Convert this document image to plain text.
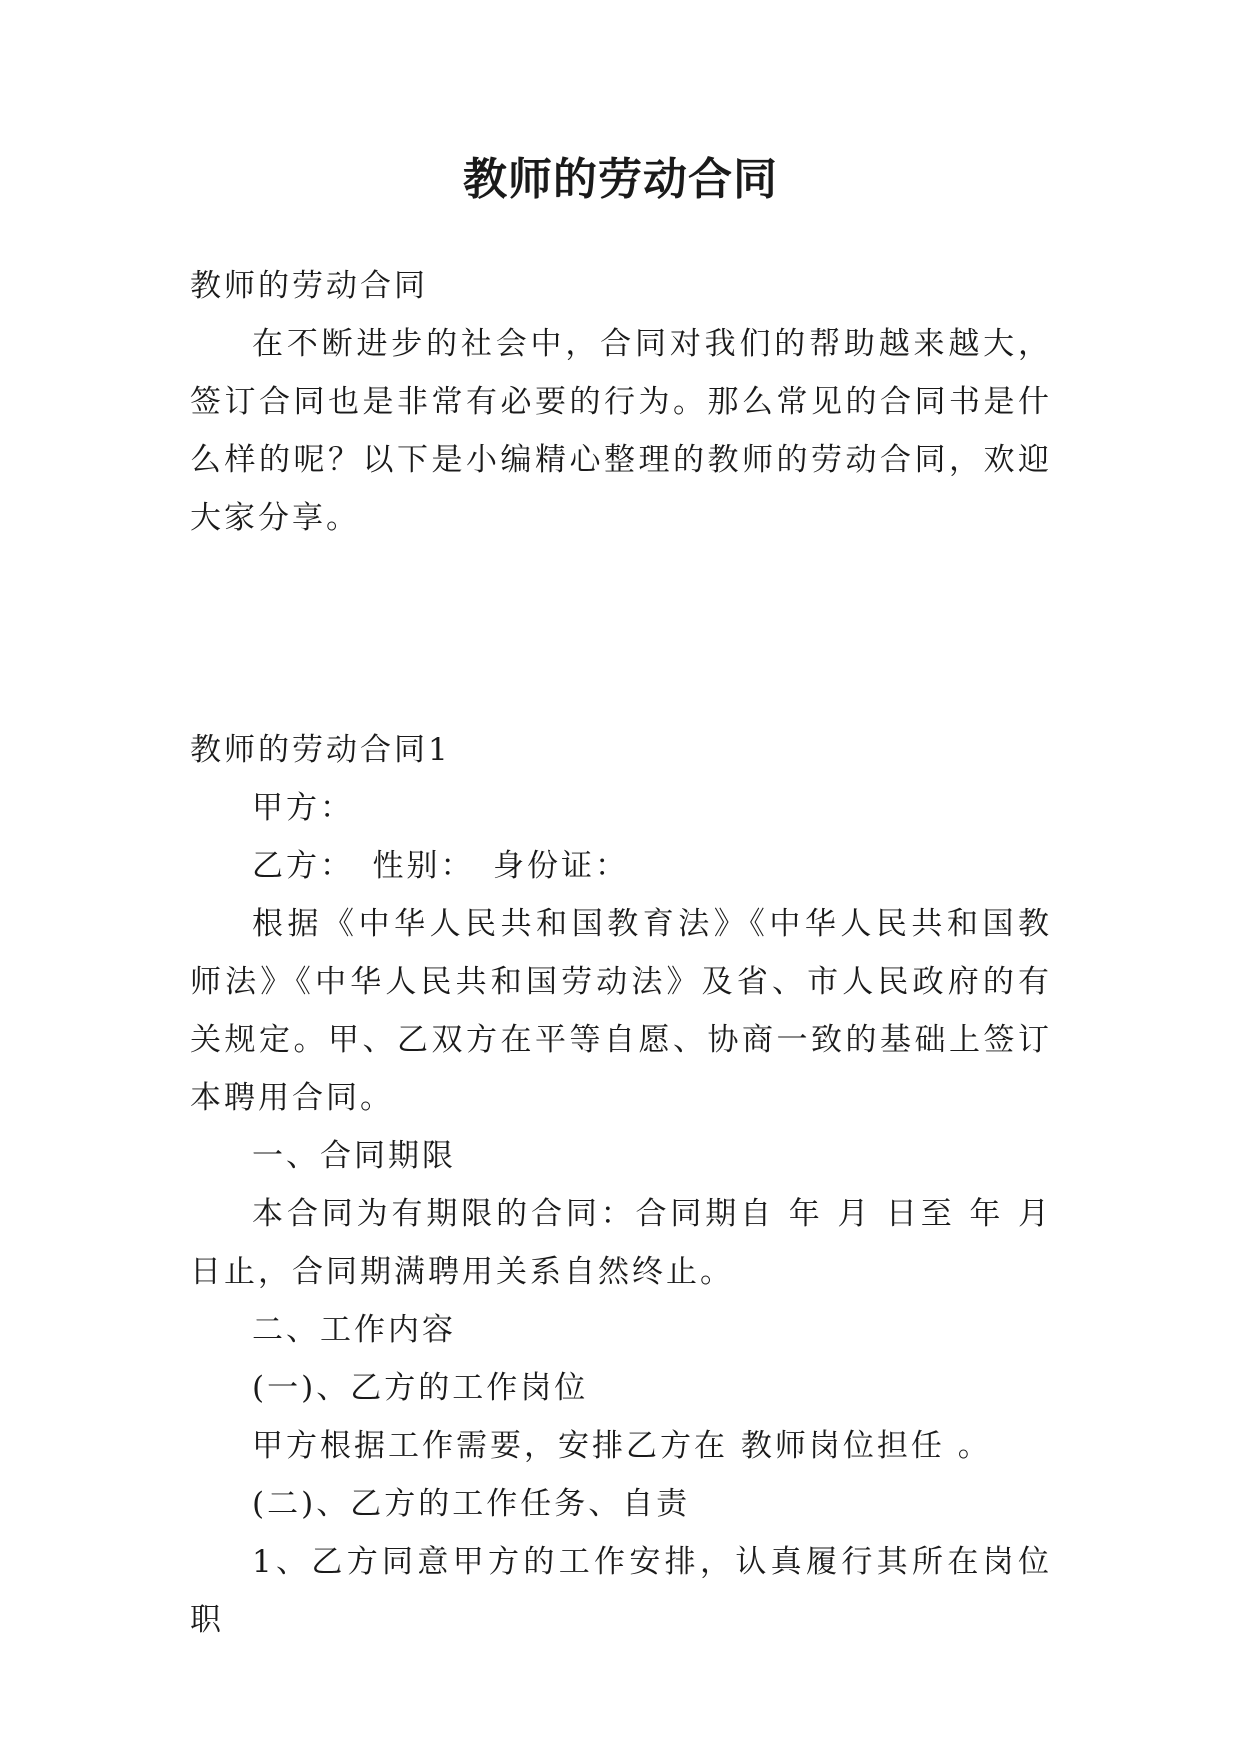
教师的劳动合同

教师的劳动合同

在不断进步的社会中，合同对我们的帮助越来越大，签订合同也是非常有必要的行为。那么常见的合同书是什么样的呢？以下是小编精心整理的教师的劳动合同，欢迎大家分享。

教师的劳动合同1

甲方：

乙方：　性别：　身份证：

根据《中华人民共和国教育法》《中华人民共和国教师法》《中华人民共和国劳动法》及省、市人民政府的有关规定。甲、乙双方在平等自愿、协商一致的基础上签订本聘用合同。

一、合同期限

本合同为有期限的合同：合同期自 年 月 日至 年 月日止，合同期满聘用关系自然终止。

二、工作内容

(一)、乙方的工作岗位

甲方根据工作需要，安排乙方在 教师岗位担任 。

(二)、乙方的工作任务、自责

1、乙方同意甲方的工作安排，认真履行其所在岗位职
